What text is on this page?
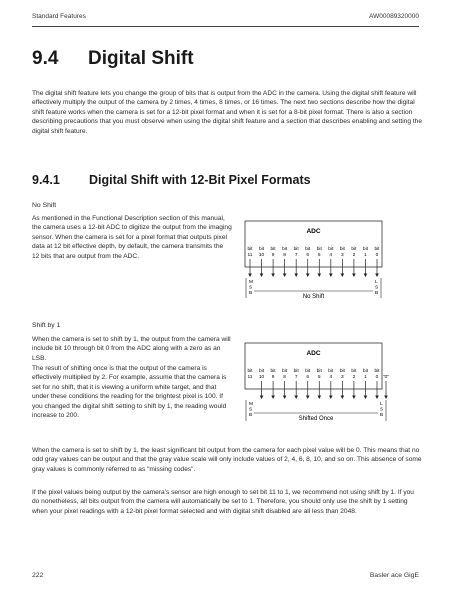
Standard Features	AW00089320000
9.4 Digital Shift
The digital shift feature lets you change the group of bits that is output from the ADC in the camera. Using the digital shift feature will effectively multiply the output of the camera by 2 times, 4 times, 8 times, or 16 times. The next two sections describe how the digital shift feature works when the camera is set for a 12-bit pixel format and when it is set for a 8-bit pixel format. There is also a section describing precautions that you must observe when using the digital shift feature and a section that describes enabling and setting the digital shift feature.
9.4.1 Digital Shift with 12-Bit Pixel Formats
No Shift
As mentioned in the Functional Description section of this manual, the camera uses a 12-bit ADC to digitize the output from the imaging sensor. When the camera is set for a pixel format that outputs pixel data at 12 bit effective depth, by default, the camera transmits the 12 bits that are output from the ADC.
ADC
bit
11
bit
10
bit
9
bit
8
bit
7
bit
6
bit
5
bit
4
bit
3
bit
2
bit
1
bit
0
M
S
B
L
S
B
No Shift
Shift by 1
When the camera is set to shift by 1, the output from the camera will include bit 10 through bit 0 from the ADC along with a zero as an LSB.
The result of shifting once is that the output of the camera is effectively multiplied by 2. For example, assume that the camera is set for no shift, that it is viewing a uniform white target, and that under these conditions the reading for the brightest pixel is 100. If you changed the digital shift setting to shift by 1, the reading would increase to 200.
ADC
bit
11
bit
10
bit
9
bit
8
bit
7
bit
6
bit
5
bit
4
bit
3
bit
2
bit
1
bit
0 "0"
M
S
B
L
S
B
Shifted Once
When the camera is set to shift by 1, the least significant bit output from the camera for each pixel value will be 0. This means that no odd gray values can be output and that the gray value scale will only include values of 2, 4, 6, 8, 10, and so on. This absence of some gray values is commonly referred to as "missing codes".
If the pixel values being output by the camera's sensor are high enough to set bit 11 to 1, we recommend not using shift by 1. If you do nonetheless, all bits output from the camera will automatically be set to 1. Therefore, you should only use the shift by 1 setting when your pixel readings with a 12-bit pixel format selected and with digital shift disabled are all less than 2048.
222	Basler ace GigE
